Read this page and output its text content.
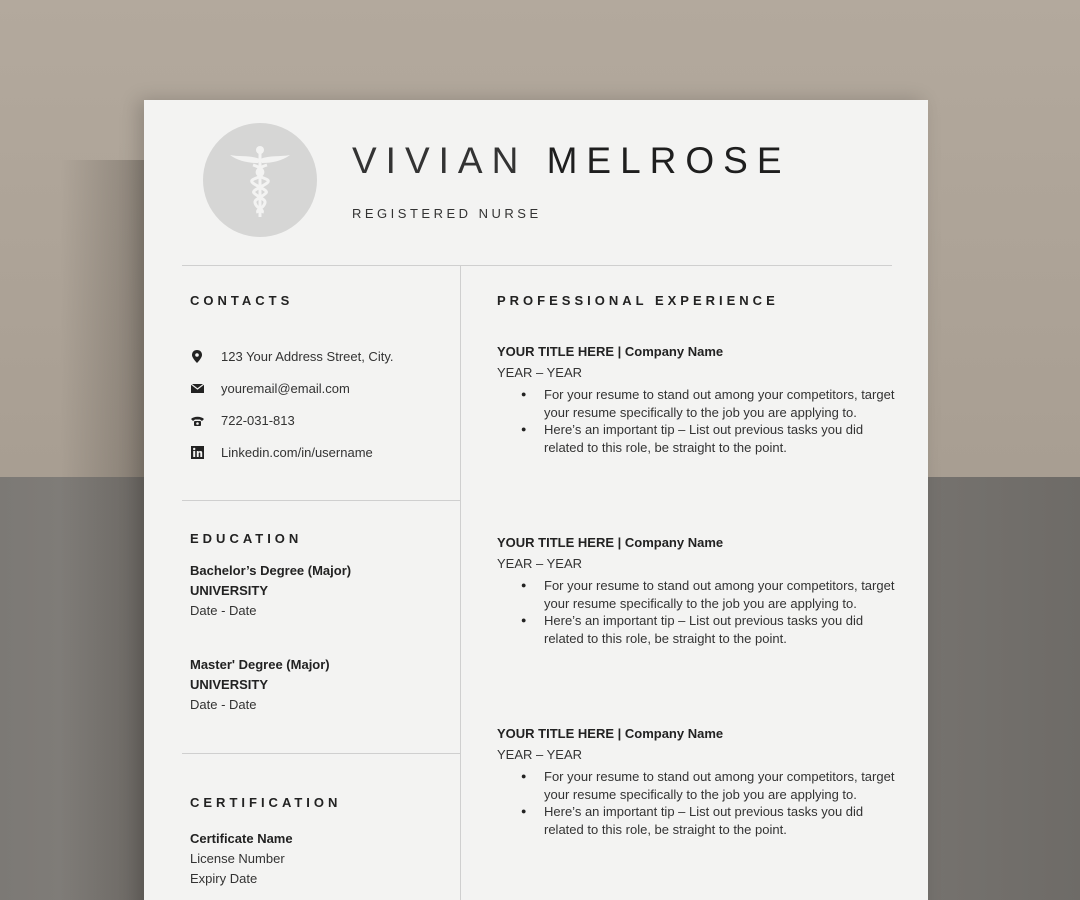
VIVIAN MELROSE
REGISTERED NURSE
CONTACTS
123 Your Address Street, City.
youremail@email.com
722-031-813
Linkedin.com/in/username
EDUCATION
Bachelor’s Degree (Major)
UNIVERSITY
Date - Date
Master' Degree (Major)
UNIVERSITY
Date - Date
CERTIFICATION
Certificate Name
License Number
Expiry Date
PROFESSIONAL EXPERIENCE
YOUR TITLE HERE | Company Name
YEAR – YEAR
● For your resume to stand out among your competitors, target your resume specifically to the job you are applying to.
● Here’s an important tip – List out previous tasks you did related to this role, be straight to the point.
YOUR TITLE HERE | Company Name
YEAR – YEAR
● For your resume to stand out among your competitors, target your resume specifically to the job you are applying to.
● Here’s an important tip – List out previous tasks you did related to this role, be straight to the point.
YOUR TITLE HERE | Company Name
YEAR – YEAR
● For your resume to stand out among your competitors, target your resume specifically to the job you are applying to.
● Here’s an important tip – List out previous tasks you did related to this role, be straight to the point.
